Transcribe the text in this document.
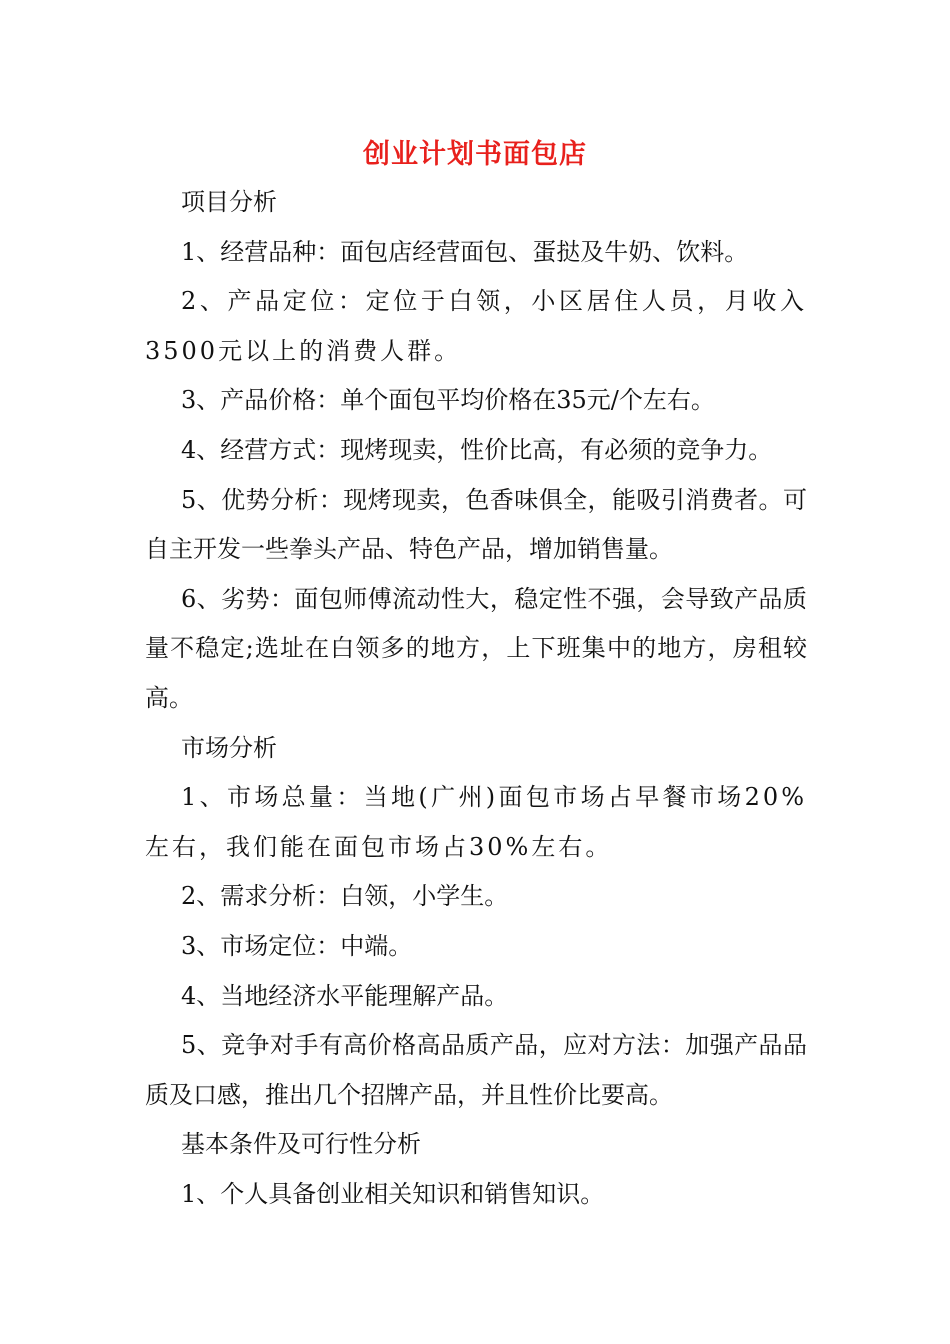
创业计划书面包店

项目分析

1、经营品种：面包店经营面包、蛋挞及牛奶、饮料。

2、产品定位：定位于白领，小区居住人员，月收入3500元以上的消费人群。

3、产品价格：单个面包平均价格在35元/个左右。

4、经营方式：现烤现卖，性价比高，有必须的竞争力。

5、优势分析：现烤现卖，色香味俱全，能吸引消费者。可自主开发一些拳头产品、特色产品，增加销售量。

6、劣势：面包师傅流动性大，稳定性不强，会导致产品质量不稳定;选址在白领多的地方，上下班集中的地方，房租较高。

市场分析

1、市场总量：当地(广州)面包市场占早餐市场20%左右，我们能在面包市场占30%左右。

2、需求分析：白领，小学生。

3、市场定位：中端。

4、当地经济水平能理解产品。

5、竞争对手有高价格高品质产品，应对方法：加强产品品质及口感，推出几个招牌产品，并且性价比要高。

基本条件及可行性分析

1、个人具备创业相关知识和销售知识。
